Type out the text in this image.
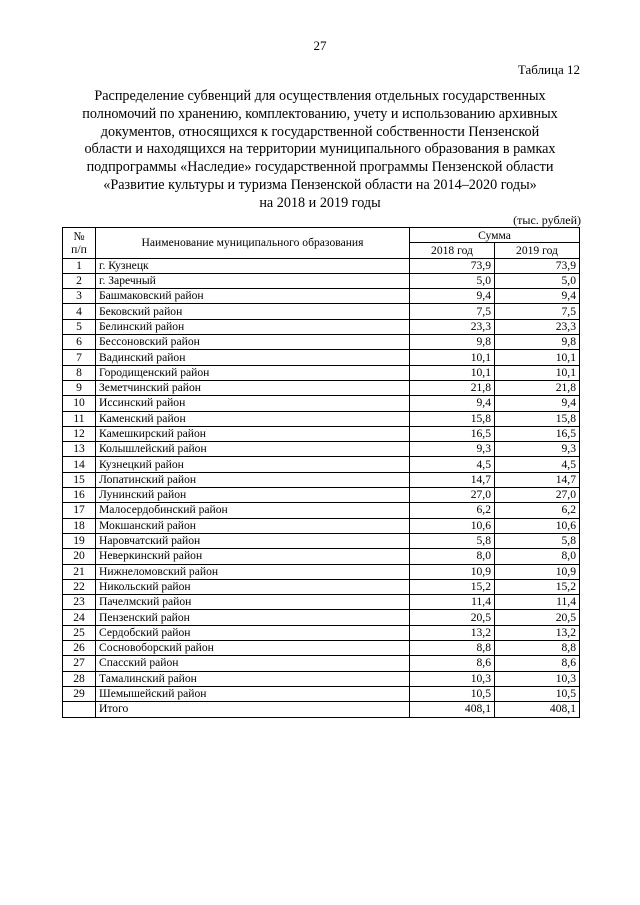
27
Таблица 12
Распределение субвенций для осуществления отдельных государственных
полномочий по хранению, комплектованию, учету и использованию архивных
документов, относящихся к государственной собственности Пензенской
области и находящихся на территории муниципального образования в рамках
подпрограммы «Наследие» государственной программы Пензенской области
«Развитие культуры и туризма Пензенской области на 2014–2020 годы»
на 2018 и 2019 годы
(тыс. рублей)
№
п/п	Наименование муниципального образования	Сумма	
		2018 год	2019 год
1	г. Кузнецк	73,9	73,9
2	г. Заречный	5,0	5,0
3	Башмаковский район	9,4	9,4
4	Бековский район	7,5	7,5
5	Белинский район	23,3	23,3
6	Бессоновский район	9,8	9,8
7	Вадинский район	10,1	10,1
8	Городищенский район	10,1	10,1
9	Земетчинский район	21,8	21,8
10	Иссинский район	9,4	9,4
11	Каменский район	15,8	15,8
12	Камешкирский район	16,5	16,5
13	Колышлейский район	9,3	9,3
14	Кузнецкий район	4,5	4,5
15	Лопатинский район	14,7	14,7
16	Лунинский район	27,0	27,0
17	Малосердобинский район	6,2	6,2
18	Мокшанский район	10,6	10,6
19	Наровчатский район	5,8	5,8
20	Неверкинский район	8,0	8,0
21	Нижнеломовский район	10,9	10,9
22	Никольский район	15,2	15,2
23	Пачелмский район	11,4	11,4
24	Пензенский район	20,5	20,5
25	Сердобский район	13,2	13,2
26	Сосновоборский район	8,8	8,8
27	Спасский район	8,6	8,6
28	Тамалинский район	10,3	10,3
29	Шемышейский район	10,5	10,5
	Итого	408,1	408,1
